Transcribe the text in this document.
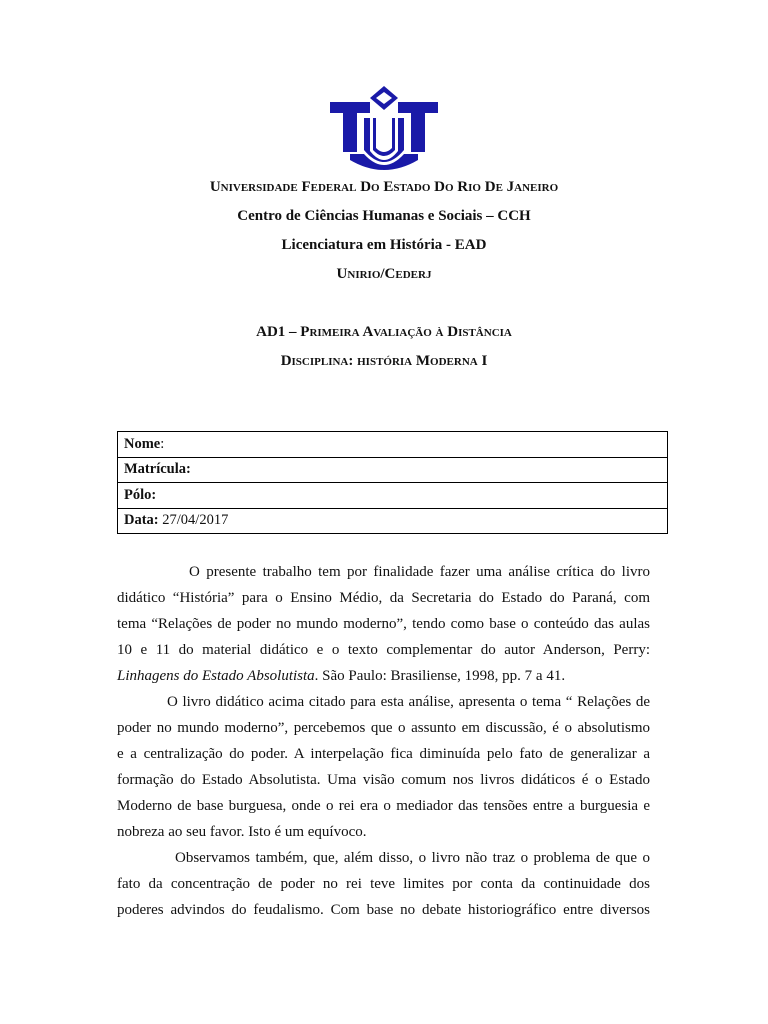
Universidade Federal Do Estado Do Rio De Janeiro
Centro de Ciências Humanas e Sociais – CCH
Licenciatura em História - EAD
Unirio/Cederj
AD1 – Primeira Avaliação à Distância
Disciplina: história Moderna I
Nome:
Matrícula:
Pólo:
Data: 27/04/2017
O presente trabalho tem por finalidade fazer uma análise crítica do livro
didático “História” para o Ensino Médio, da Secretaria do Estado do Paraná, com
tema “Relações de poder no mundo moderno”, tendo como base o conteúdo das aulas
10 e 11 do material didático e o texto complementar do autor Anderson, Perry:
Linhagens do Estado Absolutista. São Paulo: Brasiliense, 1998, pp. 7 a 41.
O livro didático acima citado para esta análise, apresenta o tema “ Relações de
poder no mundo moderno”, percebemos que o assunto em discussão, é o absolutismo
e a centralização do poder. A interpelação fica diminuída pelo fato de generalizar a
formação do Estado Absolutista. Uma visão comum nos livros didáticos é o Estado
Moderno de base burguesa, onde o rei era o mediador das tensões entre a burguesia e
nobreza ao seu favor. Isto é um equívoco.
Observamos também, que, além disso, o livro não traz o problema de que o
fato da concentração de poder no rei teve limites por conta da continuidade dos
poderes advindos do feudalismo. Com base no debate historiográfico entre diversos
